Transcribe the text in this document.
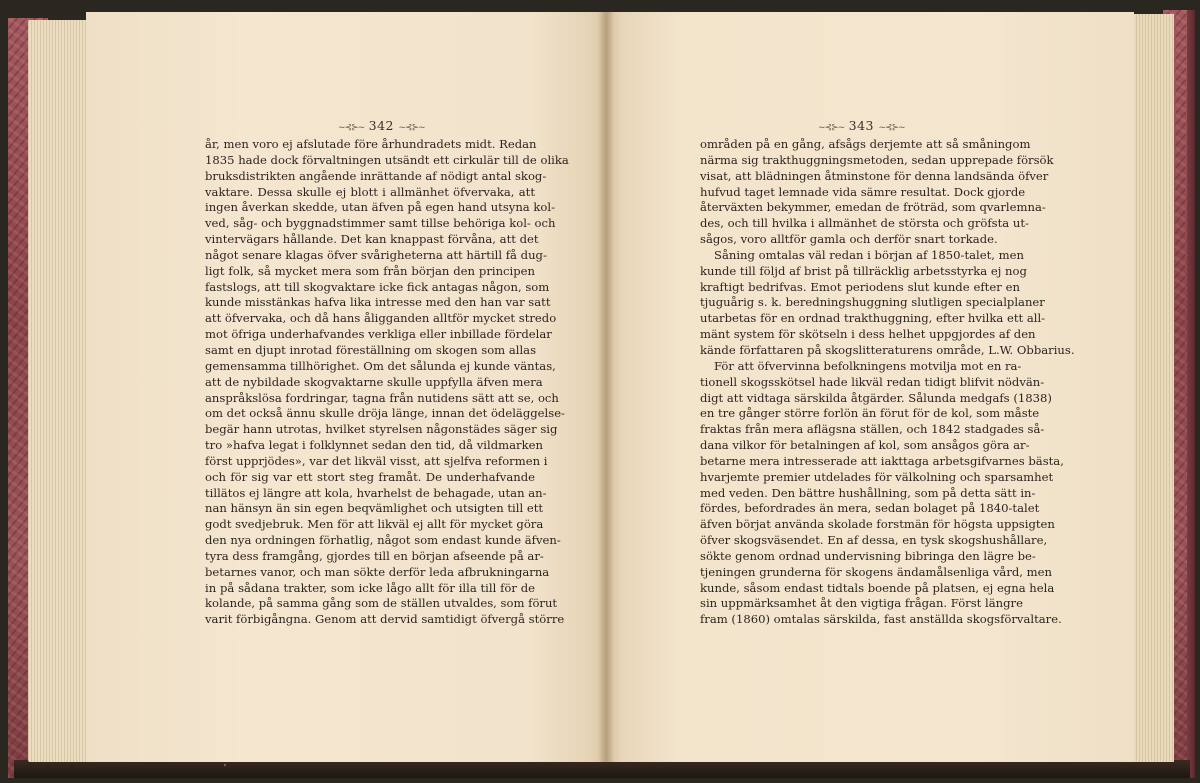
~⊰⊱~ 342 ~⊰⊱~	~⊰⊱~ 343 ~⊰⊱~
år, men voro ej afslutade före århundradets midt. Redan
1835 hade dock förvaltningen utsändt ett cirkulär till de olika
bruksdistrikten angående inrättande af nödigt antal skog-
vaktare. Dessa skulle ej blott i allmänhet öfvervaka, att
ingen åverkan skedde, utan äfven på egen hand utsyna kol-
ved, såg- och byggnadstimmer samt tillse behöriga kol- och
vintervägars hållande. Det kan knappast förvåna, att det
något senare klagas öfver svårigheterna att härtill få dug-
ligt folk, så mycket mera som från början den principen
fastslogs, att till skogvaktare icke fick antagas någon, som
kunde misstänkas hafva lika intresse med den han var satt
att öfvervaka, och då hans åligganden alltför mycket stredo
mot öfriga underhafvandes verkliga eller inbillade fördelar
samt en djupt inrotad föreställning om skogen som allas
gemensamma tillhörighet. Om det sålunda ej kunde väntas,
att de nybildade skogvaktarne skulle uppfylla äfven mera
anspråkslösa fordringar, tagna från nutidens sätt att se, och
om det också ännu skulle dröja länge, innan det ödeläggelse-
begär hann utrotas, hvilket styrelsen någonstädes säger sig
tro »hafva legat i folklynnet sedan den tid, då vildmarken
först upprjödes», var det likväl visst, att sjelfva reformen i
och för sig var ett stort steg framåt. De underhafvande
tillätos ej längre att kola, hvarhelst de behagade, utan an-
nan hänsyn än sin egen beqvämlighet och utsigten till ett
godt svedjebruk. Men för att likväl ej allt för mycket göra
den nya ordningen förhatlig, något som endast kunde äfven-
tyra dess framgång, gjordes till en början afseende på ar-
betarnes vanor, och man sökte derför leda afbrukningarna
in på sådana trakter, som icke lågo allt för illa till för de
kolande, på samma gång som de ställen utvaldes, som förut
varit förbigångna. Genom att dervid samtidigt öfvergå större
områden på en gång, afsågs derjemte att så småningom
närma sig trakthuggningsmetoden, sedan upprepade försök
visat, att blädningen åtminstone för denna landsända öfver
hufvud taget lemnade vida sämre resultat. Dock gjorde
återväxten bekymmer, emedan de fröträd, som qvarlemna-
des, och till hvilka i allmänhet de största och gröfsta ut-
sågos, voro alltför gamla och derför snart torkade.
Såning omtalas väl redan i början af 1850-talet, men
kunde till följd af brist på tillräcklig arbetsstyrka ej nog
kraftigt bedrifvas. Emot periodens slut kunde efter en
tjuguårig s. k. beredningshuggning slutligen specialplaner
utarbetas för en ordnad trakthuggning, efter hvilka ett all-
mänt system för skötseln i dess helhet uppgjordes af den
kände författaren på skogslitteraturens område, L.W. Obbarius.
För att öfvervinna befolkningens motvilja mot en ra-
tionell skogsskötsel hade likväl redan tidigt blifvit nödvän-
digt att vidtaga särskilda åtgärder. Sålunda medgafs (1838)
en tre gånger större forlön än förut för de kol, som måste
fraktas från mera aflägsna ställen, och 1842 stadgades så-
dana vilkor för betalningen af kol, som ansågos göra ar-
betarne mera intresserade att iakttaga arbetsgifvarnes bästa,
hvarjemte premier utdelades för välkolning och sparsamhet
med veden. Den bättre hushållning, som på detta sätt in-
fördes, befordrades än mera, sedan bolaget på 1840-talet
äfven börjat använda skolade forstmän för högsta uppsigten
öfver skogsväsendet. En af dessa, en tysk skogshushållare,
sökte genom ordnad undervisning bibringa den lägre be-
tjeningen grunderna för skogens ändamålsenliga vård, men
kunde, såsom endast tidtals boende på platsen, ej egna hela
sin uppmärksamhet åt den vigtiga frågan. Först längre
fram (1860) omtalas särskilda, fast anställda skogsförvaltare.
